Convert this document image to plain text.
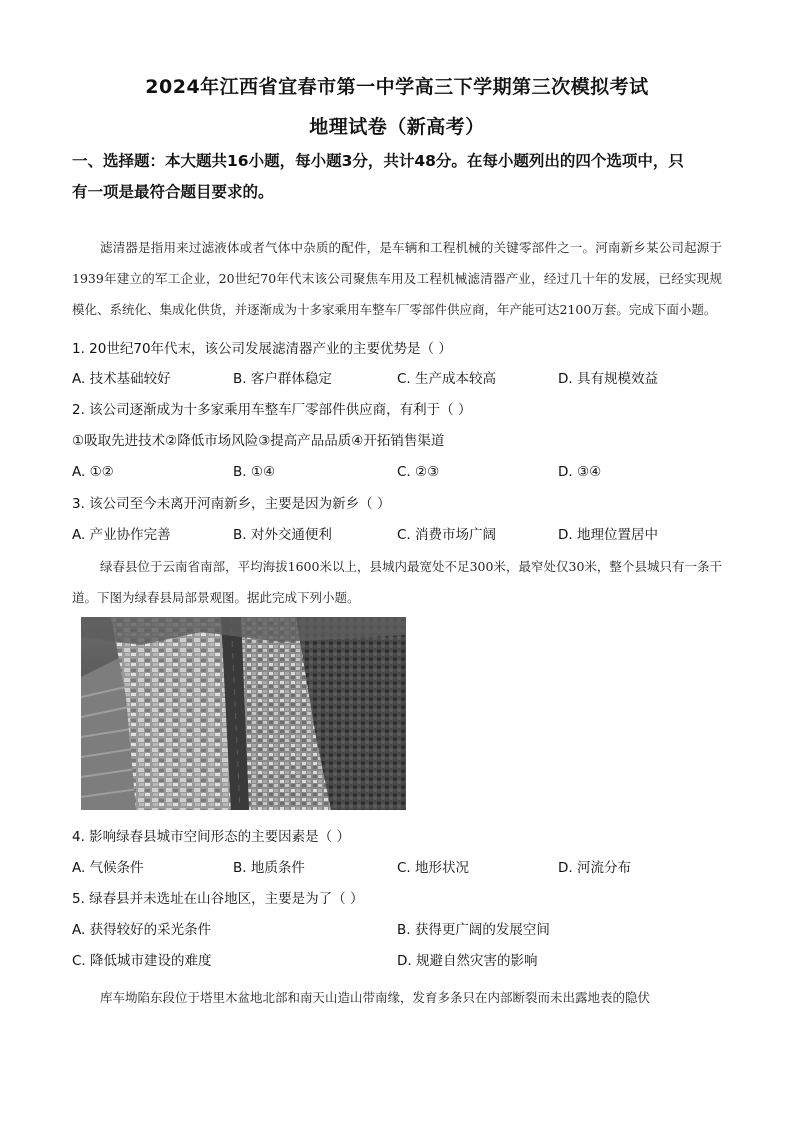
2024年江西省宜春市第一中学高三下学期第三次模拟考试
地理试卷（新高考）
一、选择题：本大题共16小题，每小题3分，共计48分。在每小题列出的四个选项中，只
有一项是最符合题目要求的。
滤清器是指用来过滤液体或者气体中杂质的配件，是车辆和工程机械的关键零部件之一。河南新乡某公司起源于1939年建立的军工企业，20世纪70年代末该公司聚焦车用及工程机械滤清器产业，经过几十年的发展，已经实现规模化、系统化、集成化供货，并逐渐成为十多家乘用车整车厂零部件供应商，年产能可达2100万套。完成下面小题。
1. 20世纪70年代末，该公司发展滤清器产业的主要优势是（ ）
A. 技术基础较好	B. 客户群体稳定	C. 生产成本较高	D. 具有规模效益
2. 该公司逐渐成为十多家乘用车整车厂零部件供应商，有利于（ ）
①吸取先进技术②降低市场风险③提高产品品质④开拓销售渠道
A. ①②	B. ①④	C. ②③	D. ③④
3. 该公司至今未离开河南新乡，主要是因为新乡（ ）
A. 产业协作完善	B. 对外交通便利	C. 消费市场广阔	D. 地理位置居中
绿春县位于云南省南部，平均海拔1600米以上，县城内最宽处不足300米，最窄处仅30米，整个县城只有一条干道。下图为绿春县局部景观图。据此完成下列小题。
4. 影响绿春县城市空间形态的主要因素是（ ）
A. 气候条件	B. 地质条件	C. 地形状况	D. 河流分布
5. 绿春县并未选址在山谷地区，主要是为了（ ）
A. 获得较好的采光条件	B. 获得更广阔的发展空间
C. 降低城市建设的难度	D. 规避自然灾害的影响
库车坳陷东段位于塔里木盆地北部和南天山造山带南缘，发育多条只在内部断裂而未出露地表的隐伏
